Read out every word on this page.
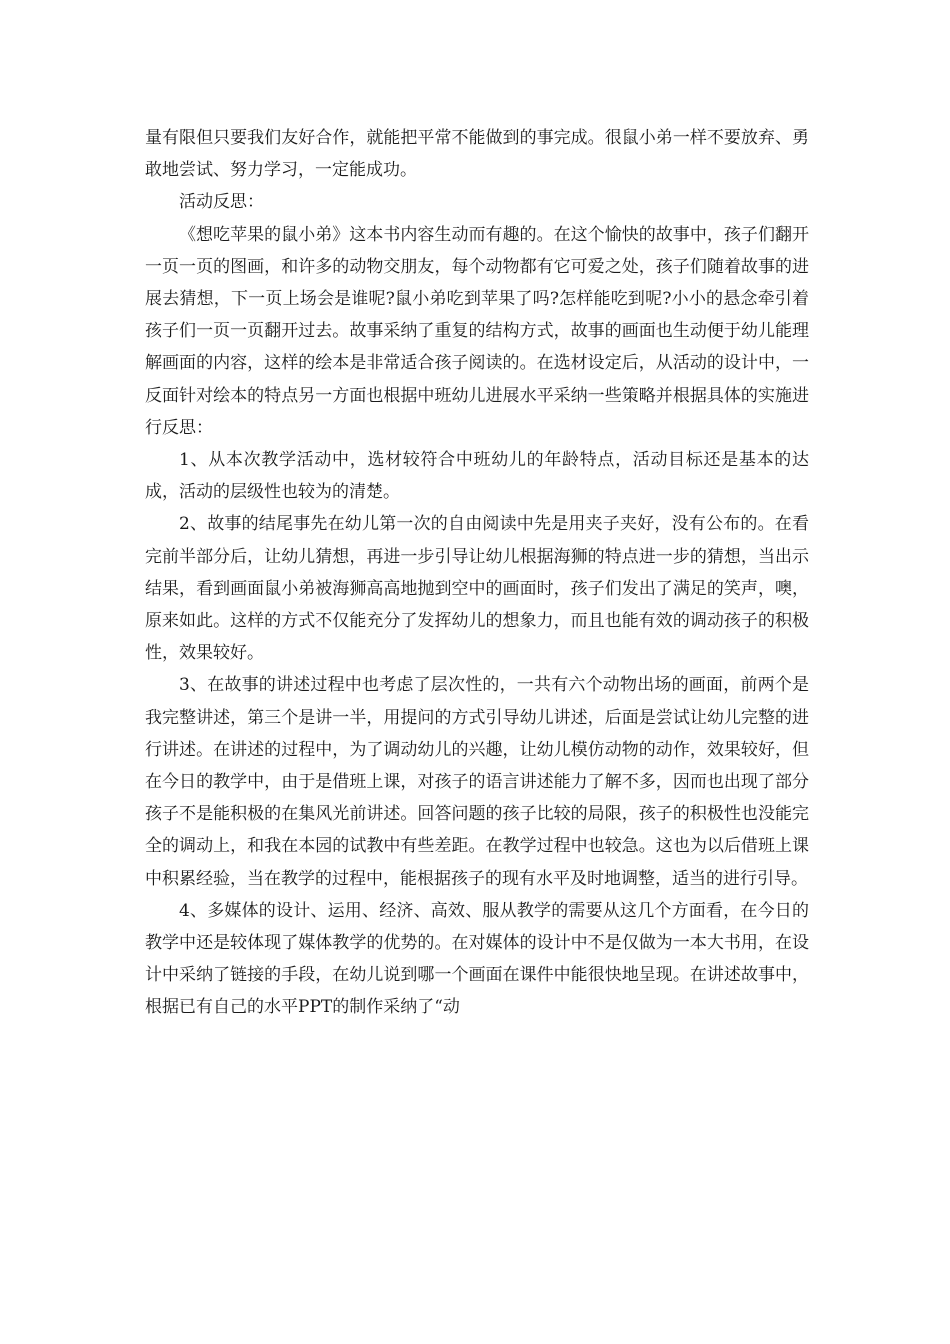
量有限但只要我们友好合作，就能把平常不能做到的事完成。很鼠小弟一样不要放弃、勇敢地尝试、努力学习，一定能成功。

活动反思：

《想吃苹果的鼠小弟》这本书内容生动而有趣的。在这个愉快的故事中，孩子们翻开一页一页的图画，和许多的动物交朋友，每个动物都有它可爱之处，孩子们随着故事的进展去猜想，下一页上场会是谁呢?鼠小弟吃到苹果了吗?怎样能吃到呢?小小的悬念牵引着孩子们一页一页翻开过去。故事采纳了重复的结构方式，故事的画面也生动便于幼儿能理解画面的内容，这样的绘本是非常适合孩子阅读的。在选材设定后，从活动的设计中，一反面针对绘本的特点另一方面也根据中班幼儿进展水平采纳一些策略并根据具体的实施进行反思：

1、从本次教学活动中，选材较符合中班幼儿的年龄特点，活动目标还是基本的达成，活动的层级性也较为的清楚。

2、故事的结尾事先在幼儿第一次的自由阅读中先是用夹子夹好，没有公布的。在看完前半部分后，让幼儿猜想，再进一步引导让幼儿根据海狮的特点进一步的猜想，当出示结果，看到画面鼠小弟被海狮高高地抛到空中的画面时，孩子们发出了满足的笑声，噢，原来如此。这样的方式不仅能充分了发挥幼儿的想象力，而且也能有效的调动孩子的积极性，效果较好。

3、在故事的讲述过程中也考虑了层次性的，一共有六个动物出场的画面，前两个是我完整讲述，第三个是讲一半，用提问的方式引导幼儿讲述，后面是尝试让幼儿完整的进行讲述。在讲述的过程中，为了调动幼儿的兴趣，让幼儿模仿动物的动作，效果较好，但在今日的教学中，由于是借班上课，对孩子的语言讲述能力了解不多，因而也出现了部分孩子不是能积极的在集风光前讲述。回答问题的孩子比较的局限，孩子的积极性也没能完全的调动上，和我在本园的试教中有些差距。在教学过程中也较急。这也为以后借班上课中积累经验，当在教学的过程中，能根据孩子的现有水平及时地调整，适当的进行引导。

4、多媒体的设计、运用、经济、高效、服从教学的需要从这几个方面看，在今日的教学中还是较体现了媒体教学的优势的。在对媒体的设计中不是仅做为一本大书用，在设计中采纳了链接的手段，在幼儿说到哪一个画面在课件中能很快地呈现。在讲述故事中，根据已有自己的水平PPT的制作采纳了“动
